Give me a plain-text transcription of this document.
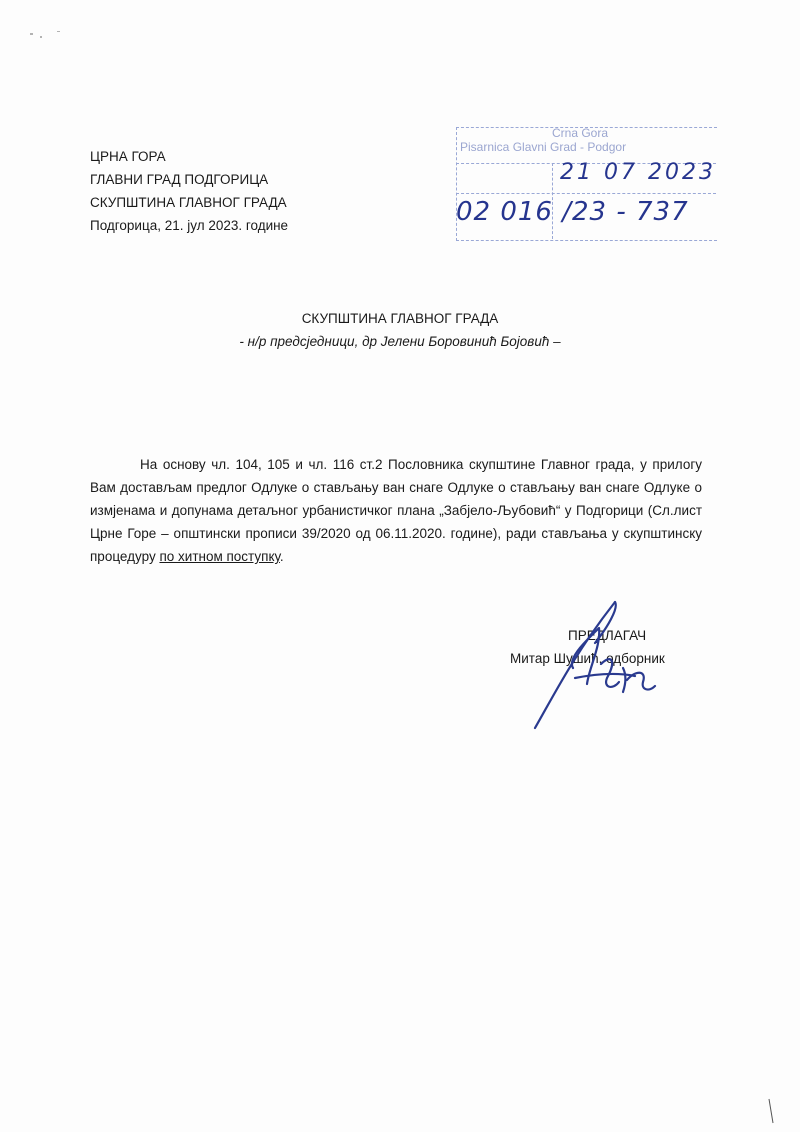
ЦРНА ГОРА
ГЛАВНИ ГРАД ПОДГОРИЦА
СКУПШТИНА ГЛАВНОГ ГРАДА
Подгорица, 21. јул 2023. године
Crna Gora
Pisarnica Glavni Grad - Podgor
21 07 2023
02 016 /23 - 737
СКУПШТИНА ГЛАВНОГ ГРАДА
- н/р предсједници, др Јелени Боровинић Бојовић –

На основу чл. 104, 105 и чл. 116 ст.2 Пословника скупштине Главног града, у прилогу Вам достављам предлог Одлуке о стављању ван снаге Одлуке о стављању ван снаге Одлуке о измјенама и допунама детаљног урбанистичког плана „Забјело-Љубовић“ у Подгорици (Сл.лист Црне Горе – општински прописи 39/2020 од 06.11.2020. године), ради стављања у скупштинску процедуру по хитном поступку.

ПРЕДЛАГАЧ
Митар Шушић, одборник
